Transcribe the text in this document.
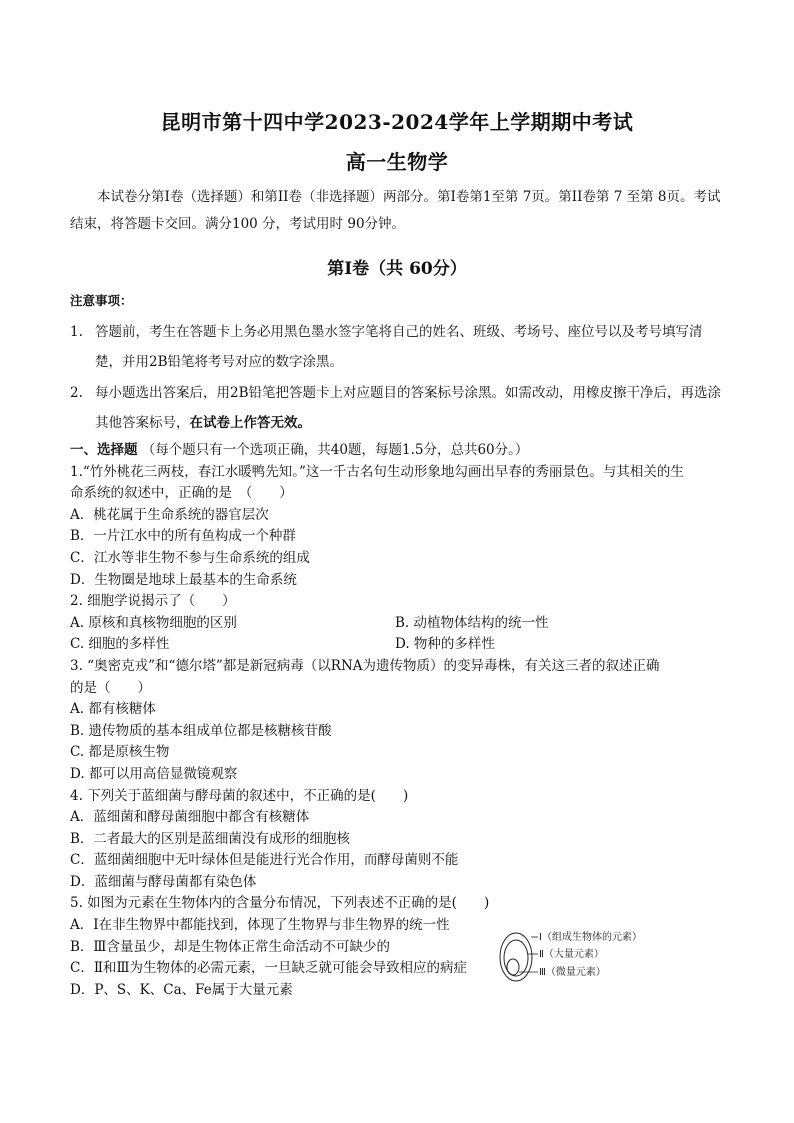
昆明市第十四中学2023-2024学年上学期期中考试
高一生物学
本试卷分第I卷（选择题）和第II卷（非选择题）两部分。第I卷第1至第 7页。第II卷第 7 至第 8页。考试结束，将答题卡交回。满分100 分，考试用时 90分钟。
第I卷（共 60分）
注意事项：
1. 答题前，考生在答题卡上务必用黑色墨水签字笔将自己的姓名、班级、考场号、座位号以及考号填写清楚，并用2B铅笔将考号对应的数字涂黑。
2. 每小题选出答案后，用2B铅笔把答题卡上对应题目的答案标号涂黑。如需改动，用橡皮擦干净后，再选涂其他答案标号，在试卷上作答无效。
一、选择题 （每个题只有一个选项正确，共40题，每题1.5分，总共60分。）
1.“竹外桃花三两枝，春江水暖鸭先知。”这一千古名句生动形象地勾画出早春的秀丽景色。与其相关的生
命系统的叙述中，正确的是　（　　）
A．桃花属于生命系统的器官层次
B．一片江水中的所有鱼构成一个种群
C．江水等非生物不参与生命系统的组成
D．生物圈是地球上最基本的生命系统
2. 细胞学说揭示了（　　）
A. 原核和真核物细胞的区别	B. 动植物体结构的统一性
C. 细胞的多样性	D. 物种的多样性
3. “奥密克戎”和“德尔塔”都是新冠病毒（以RNA为遗传物质）的变异毒株，有关这三者的叙述正确
的是（　　）
A. 都有核糖体
B. 遗传物质的基本组成单位都是核糖核苷酸
C. 都是原核生物
D. 都可以用高倍显微镜观察
4. 下列关于蓝细菌与酵母菌的叙述中，不正确的是(　　)
A．蓝细菌和酵母菌细胞中都含有核糖体
B．二者最大的区别是蓝细菌没有成形的细胞核
C．蓝细菌细胞中无叶绿体但是能进行光合作用，而酵母菌则不能
D．蓝细菌与酵母菌都有染色体
5. 如图为元素在生物体内的含量分布情况，下列表述不正确的是(　　)
A．Ⅰ在非生物界中都能找到，体现了生物界与非生物界的统一性
B．Ⅲ含量虽少，却是生物体正常生命活动不可缺少的
C．Ⅱ和Ⅲ为生物体的必需元素，一旦缺乏就可能会导致相应的病症
D．P、S、K、Ca、Fe属于大量元素
Ⅰ（组成生物体的元素）
Ⅱ（大量元素）
Ⅲ（微量元素）
